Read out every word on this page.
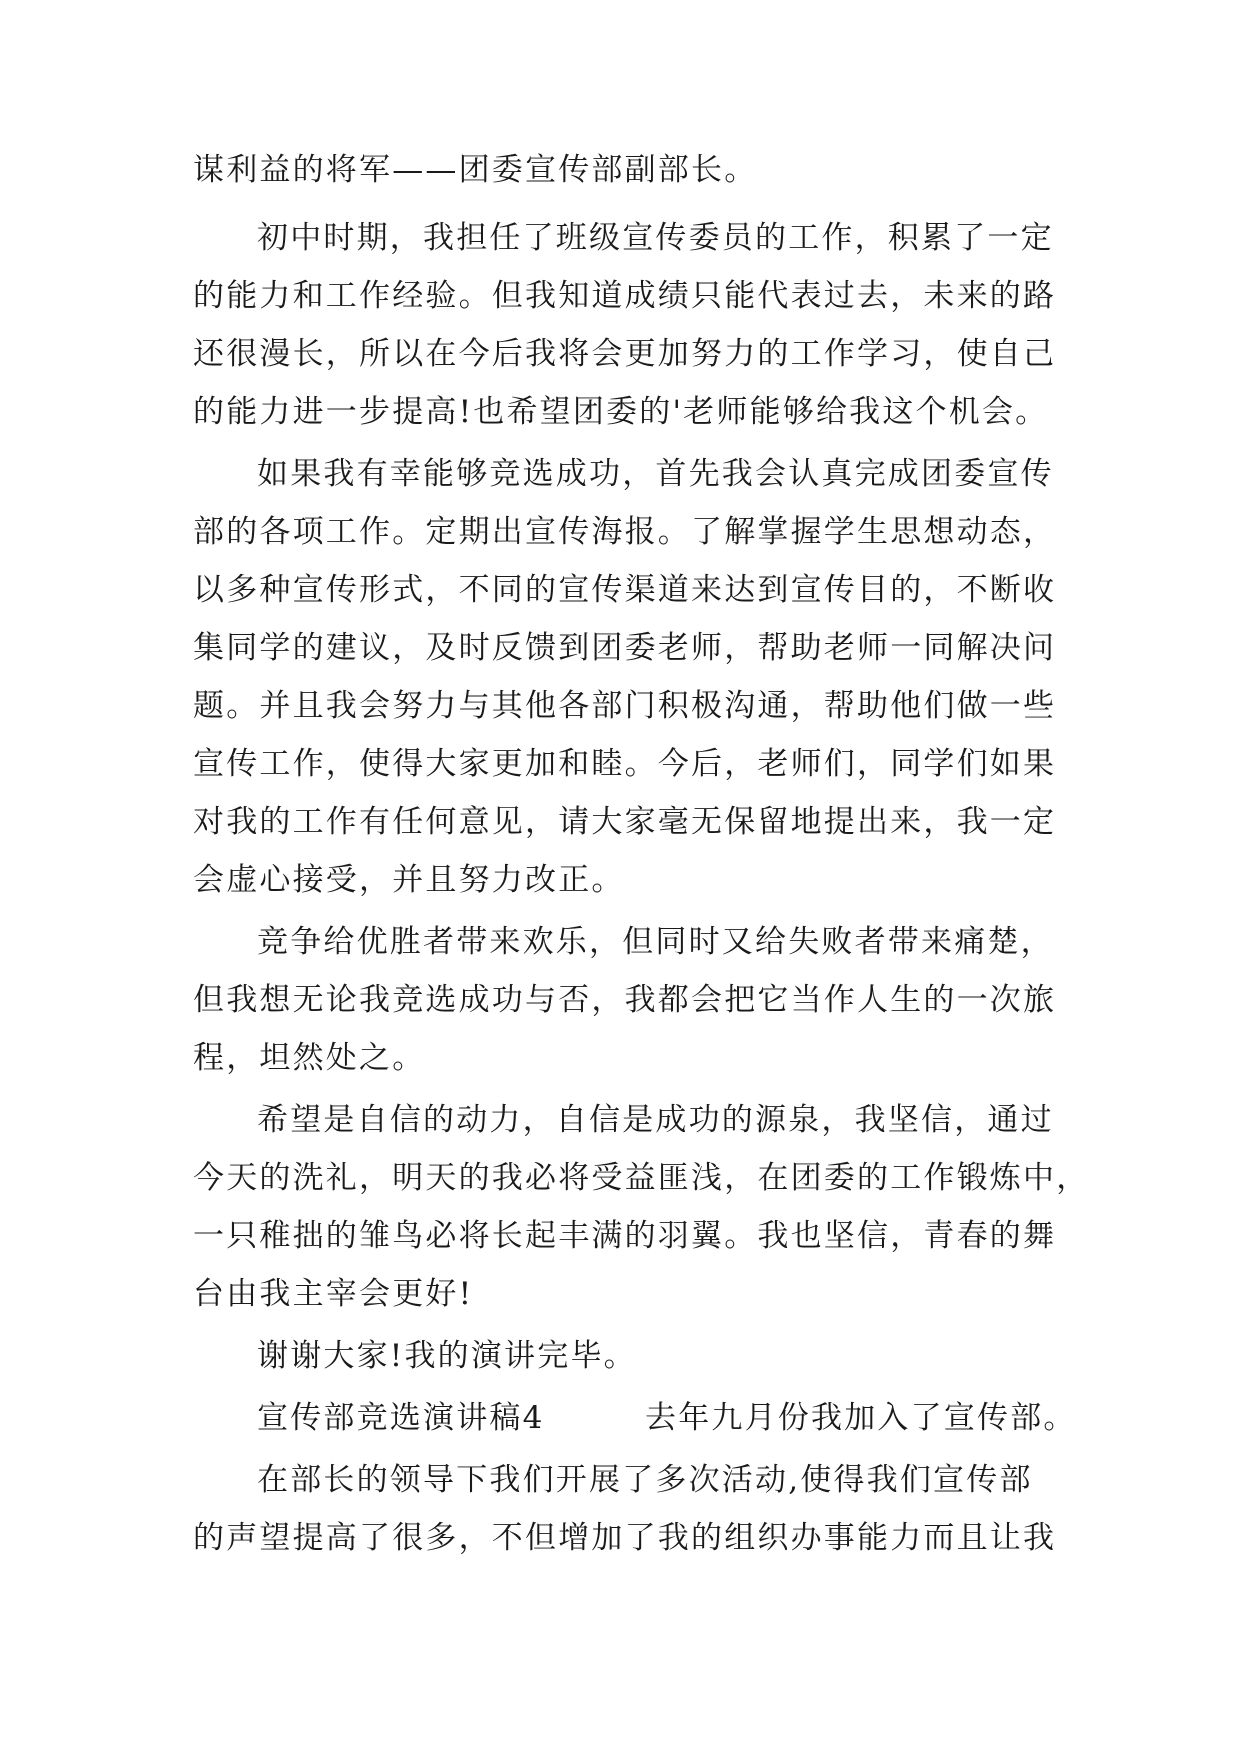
谋利益的将军——团委宣传部副部长。
初中时期，我担任了班级宣传委员的工作，积累了一定
的能力和工作经验。但我知道成绩只能代表过去，未来的路
还很漫长，所以在今后我将会更加努力的工作学习，使自己
的能力进一步提高!也希望团委的'老师能够给我这个机会。
如果我有幸能够竞选成功，首先我会认真完成团委宣传
部的各项工作。定期出宣传海报。了解掌握学生思想动态，
以多种宣传形式，不同的宣传渠道来达到宣传目的，不断收
集同学的建议，及时反馈到团委老师，帮助老师一同解决问
题。并且我会努力与其他各部门积极沟通，帮助他们做一些
宣传工作，使得大家更加和睦。今后，老师们，同学们如果
对我的工作有任何意见，请大家毫无保留地提出来，我一定
会虚心接受，并且努力改正。
竞争给优胜者带来欢乐，但同时又给失败者带来痛楚，
但我想无论我竞选成功与否，我都会把它当作人生的一次旅
程，坦然处之。
希望是自信的动力，自信是成功的源泉，我坚信，通过
今天的洗礼，明天的我必将受益匪浅，在团委的工作锻炼中，
一只稚拙的雏鸟必将长起丰满的羽翼。我也坚信，青春的舞
台由我主宰会更好!
谢谢大家!我的演讲完毕。
宣传部竞选演讲稿4	去年九月份我加入了宣传部。
在部长的领导下我们开展了多次活动,使得我们宣传部
的声望提高了很多，不但增加了我的组织办事能力而且让我
